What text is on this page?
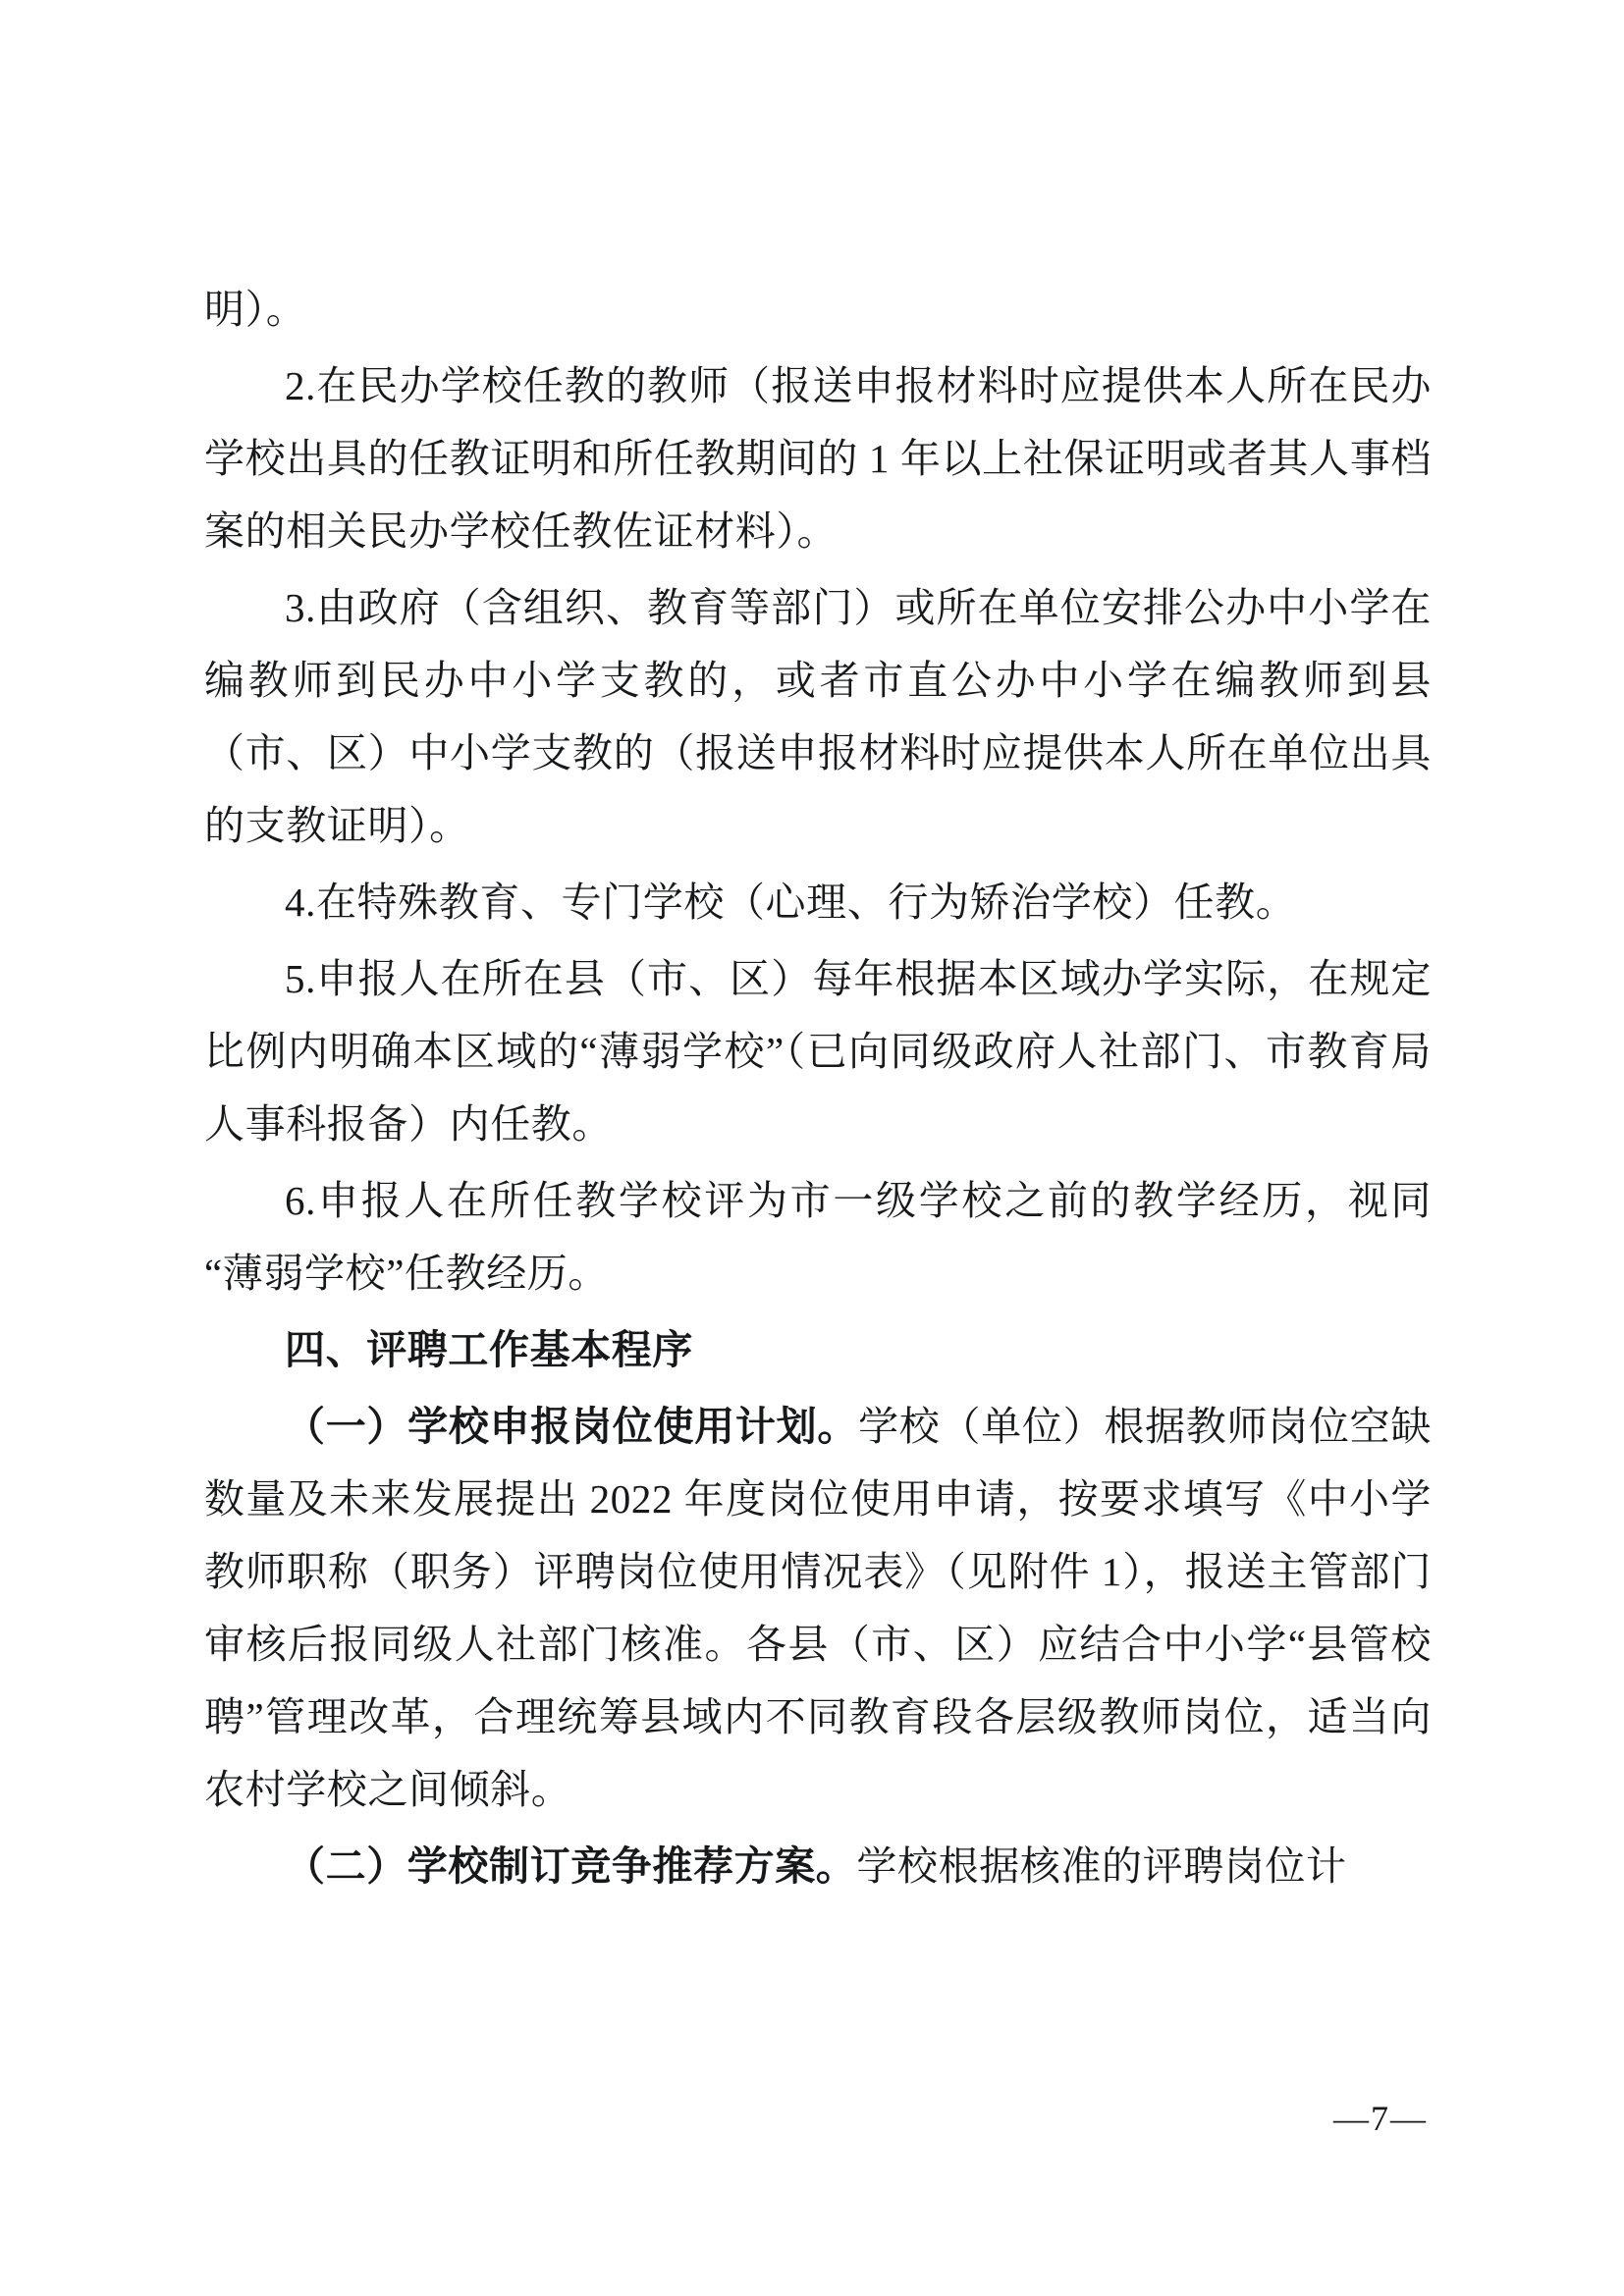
明）。

2.在民办学校任教的教师（报送申报材料时应提供本人所在民办学校出具的任教证明和所任教期间的 1 年以上社保证明或者其人事档案的相关民办学校任教佐证材料）。

3.由政府（含组织、教育等部门）或所在单位安排公办中小学在编教师到民办中小学支教的，或者市直公办中小学在编教师到县（市、区）中小学支教的（报送申报材料时应提供本人所在单位出具的支教证明）。

4.在特殊教育、专门学校（心理、行为矫治学校）任教。

5.申报人在所在县（市、区）每年根据本区域办学实际，在规定比例内明确本区域的“薄弱学校”（已向同级政府人社部门、市教育局人事科报备）内任教。

6.申报人在所任教学校评为市一级学校之前的教学经历，视同 “薄弱学校”任教经历。

四、评聘工作基本程序

（一）学校申报岗位使用计划。学校（单位）根据教师岗位空缺数量及未来发展提出 2022 年度岗位使用申请，按要求填写《中小学教师职称（职务）评聘岗位使用情况表》（见附件 1），报送主管部门审核后报同级人社部门核准。各县（市、区）应结合中小学“县管校聘”管理改革，合理统筹县域内不同教育段各层级教师岗位，适当向农村学校之间倾斜。

（二）学校制订竞争推荐方案。学校根据核准的评聘岗位计

—7—
